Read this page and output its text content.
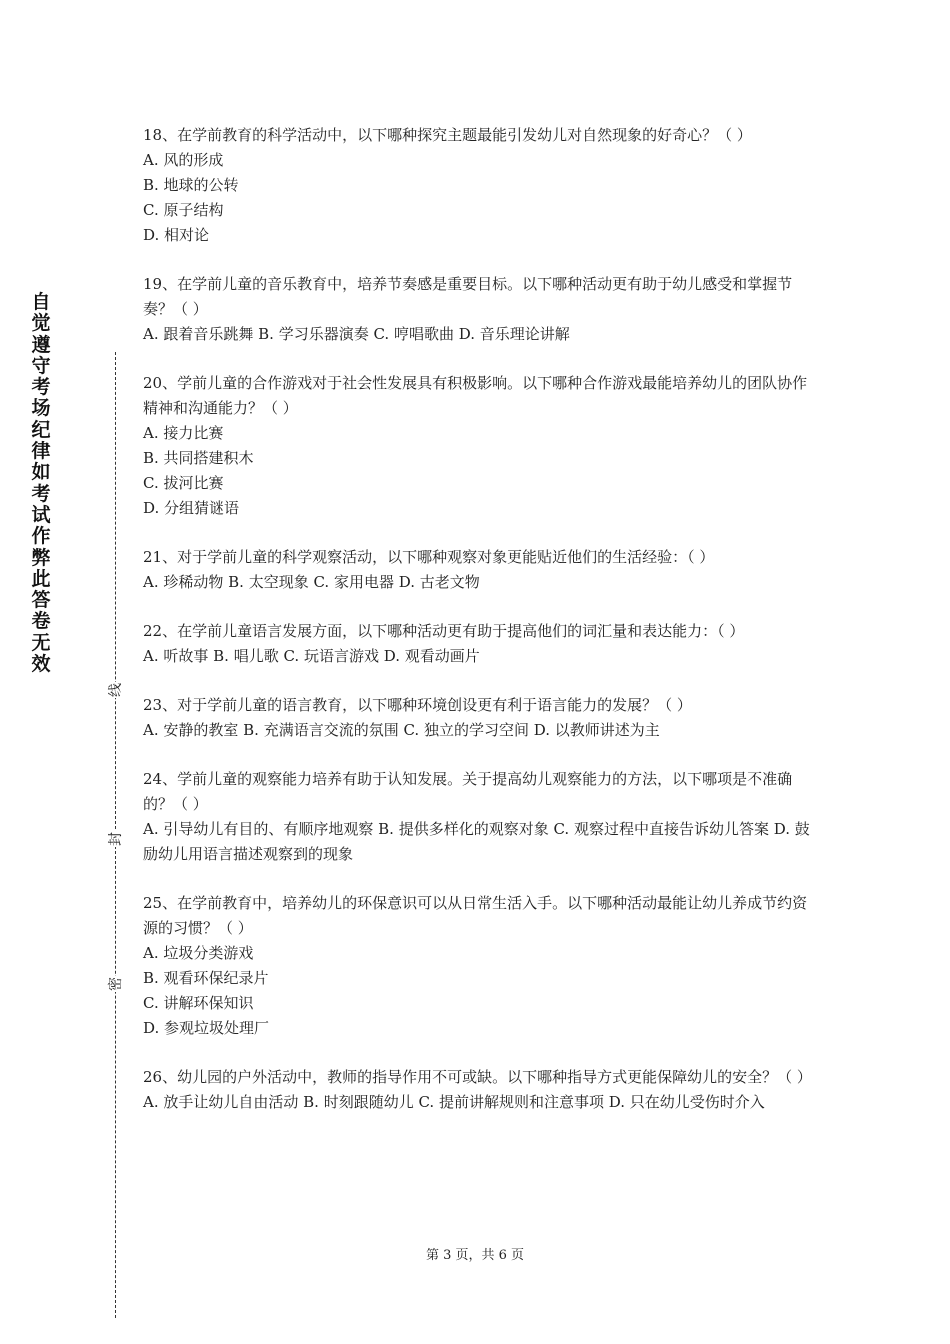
自觉遵守考场纪律如考试作弊此答卷无效
线
封
密

18、在学前教育的科学活动中，以下哪种探究主题最能引发幼儿对自然现象的好奇心？（ ）

A. 风的形成

B. 地球的公转

C. 原子结构

D. 相对论

19、在学前儿童的音乐教育中，培养节奏感是重要目标。以下哪种活动更有助于幼儿感受和掌握节奏？（ ）

A. 跟着音乐跳舞 B. 学习乐器演奏 C. 哼唱歌曲 D. 音乐理论讲解

20、学前儿童的合作游戏对于社会性发展具有积极影响。以下哪种合作游戏最能培养幼儿的团队协作精神和沟通能力？（ ）

A. 接力比赛

B. 共同搭建积木

C. 拔河比赛

D. 分组猜谜语

21、对于学前儿童的科学观察活动，以下哪种观察对象更能贴近他们的生活经验：（ ）

A. 珍稀动物 B. 太空现象 C. 家用电器 D. 古老文物

22、在学前儿童语言发展方面，以下哪种活动更有助于提高他们的词汇量和表达能力：（ ）

A. 听故事 B. 唱儿歌 C. 玩语言游戏 D. 观看动画片

23、对于学前儿童的语言教育，以下哪种环境创设更有利于语言能力的发展？（ ）

A. 安静的教室 B. 充满语言交流的氛围 C. 独立的学习空间 D. 以教师讲述为主

24、学前儿童的观察能力培养有助于认知发展。关于提高幼儿观察能力的方法，以下哪项是不准确的？（ ）

A. 引导幼儿有目的、有顺序地观察 B. 提供多样化的观察对象 C. 观察过程中直接告诉幼儿答案 D. 鼓励幼儿用语言描述观察到的现象

25、在学前教育中，培养幼儿的环保意识可以从日常生活入手。以下哪种活动最能让幼儿养成节约资源的习惯？（ ）

A. 垃圾分类游戏

B. 观看环保纪录片

C. 讲解环保知识

D. 参观垃圾处理厂

26、幼儿园的户外活动中，教师的指导作用不可或缺。以下哪种指导方式更能保障幼儿的安全？（ ）

A. 放手让幼儿自由活动 B. 时刻跟随幼儿 C. 提前讲解规则和注意事项 D. 只在幼儿受伤时介入

第 3 页，共 6 页
